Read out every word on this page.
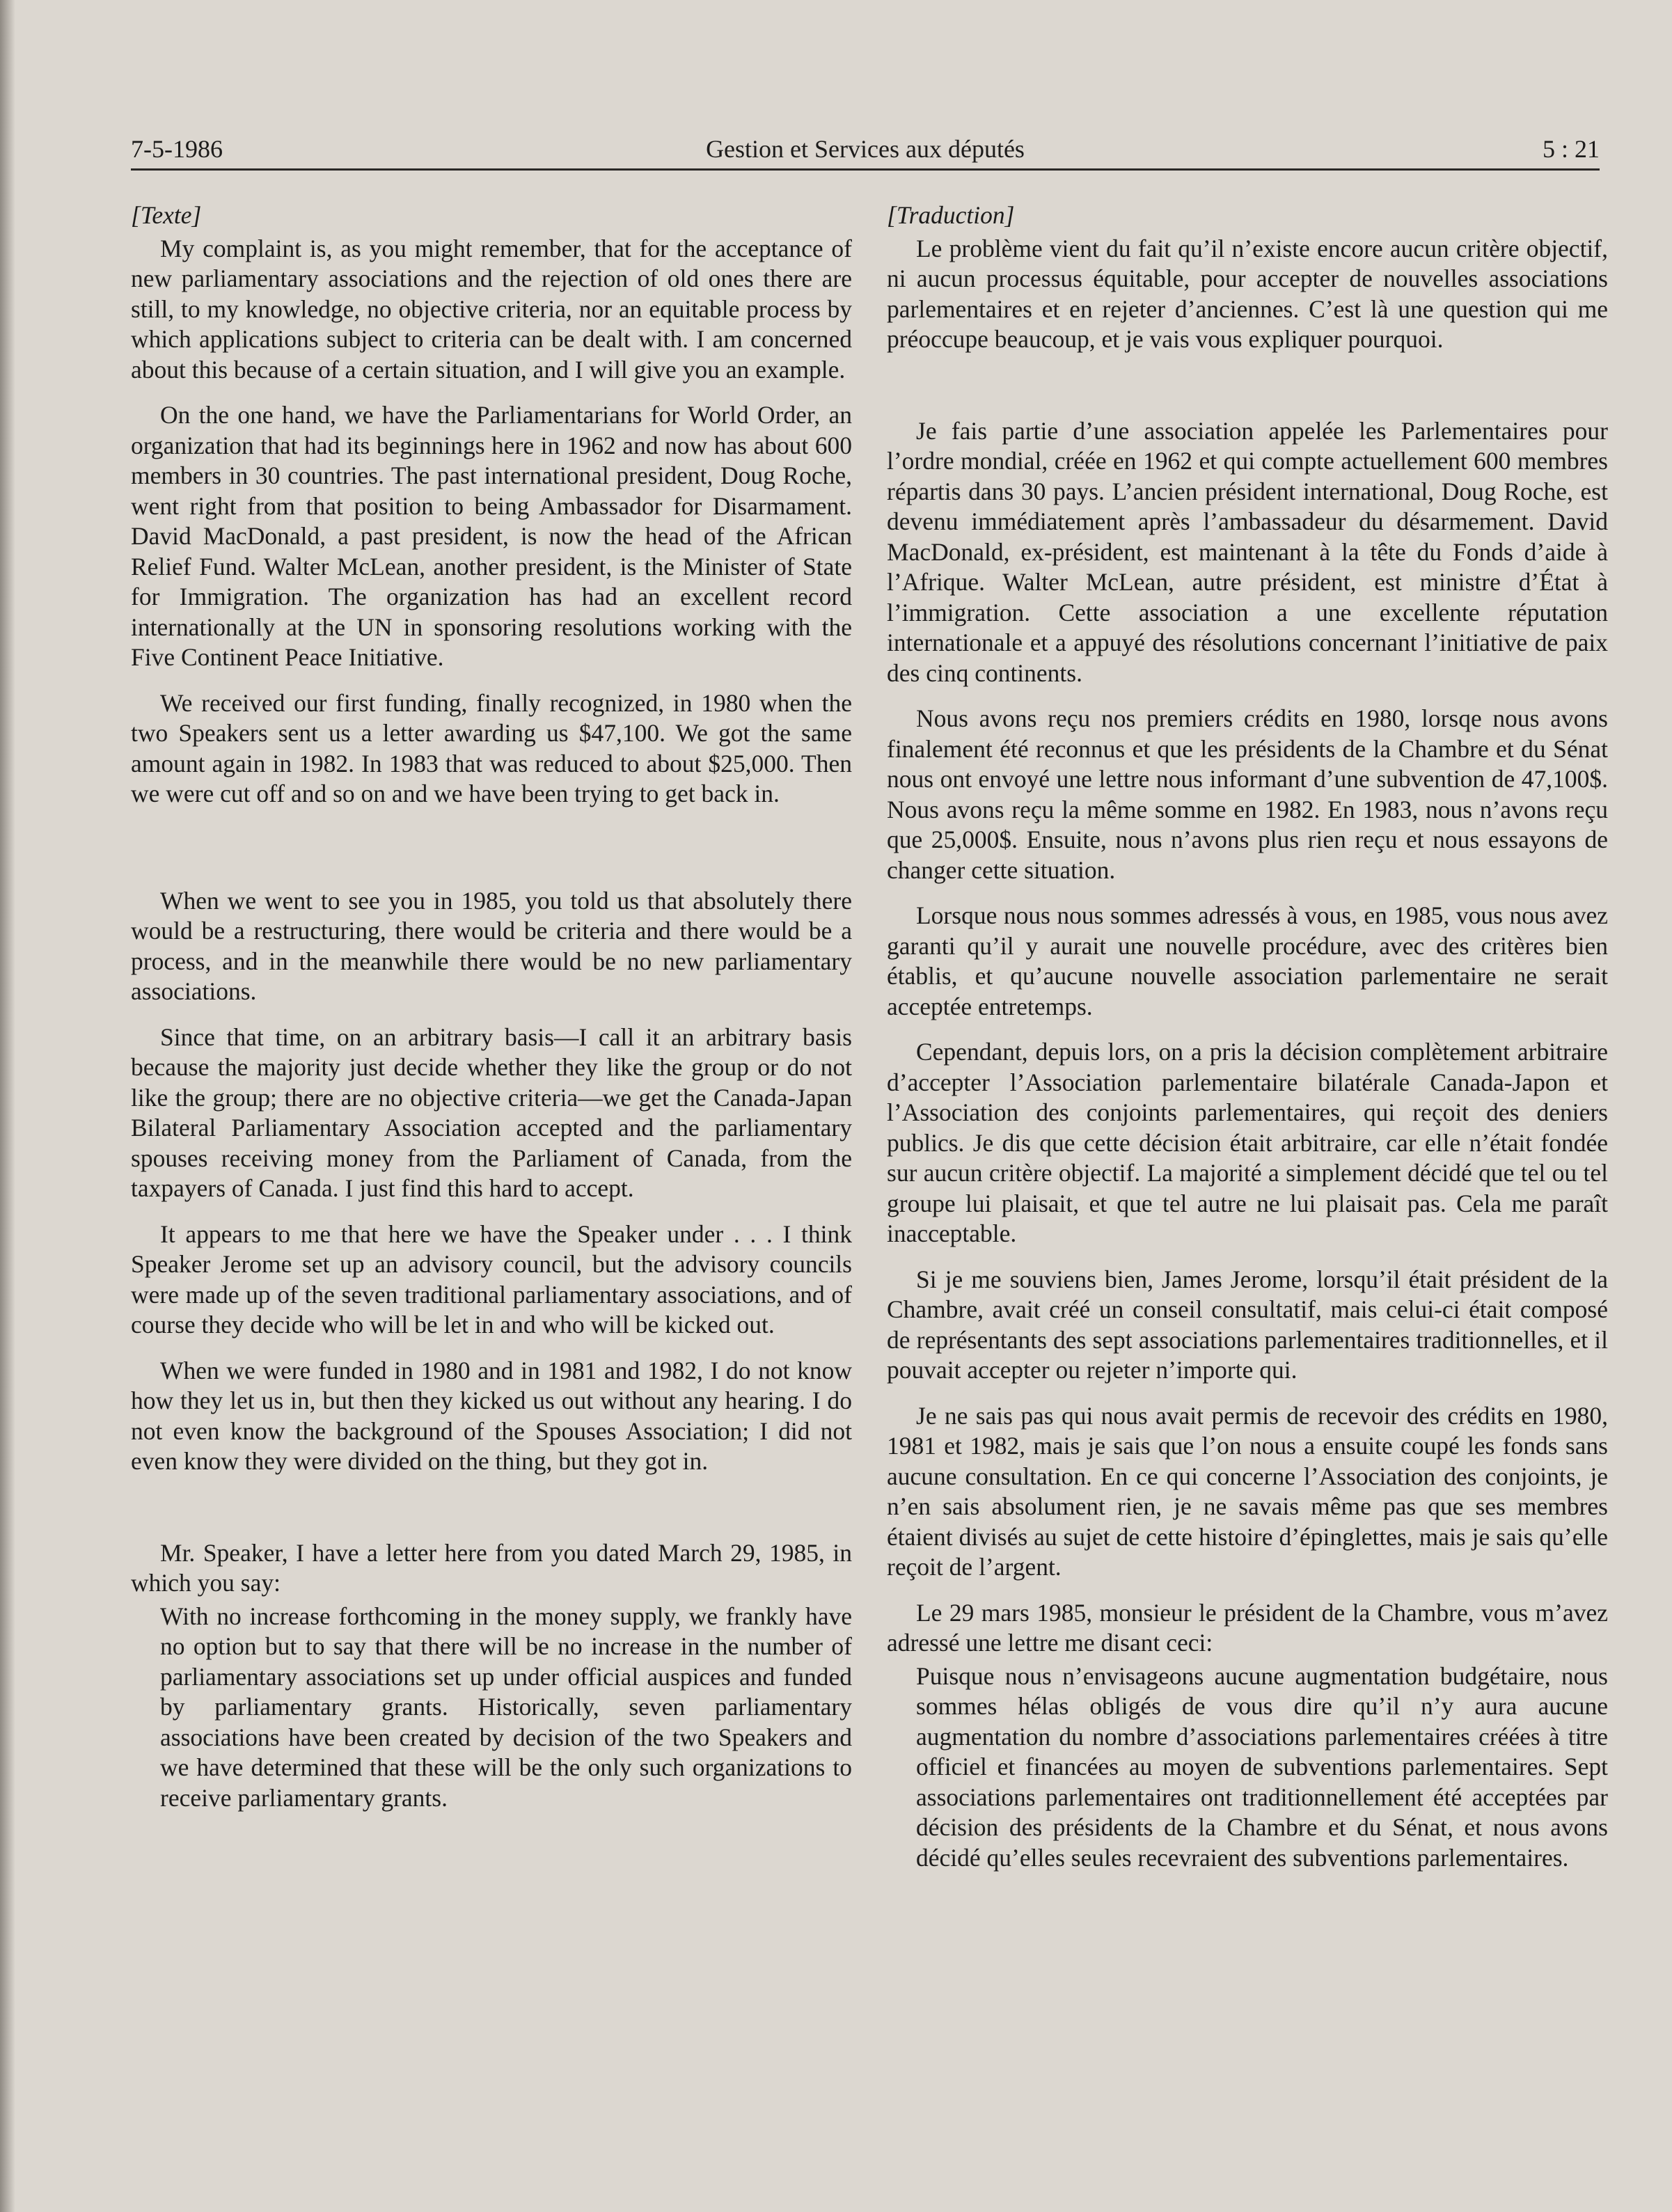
7-5-1986	Gestion et Services aux députés	5 : 21
[Texte]

My complaint is, as you might remember, that for the acceptance of new parliamentary associations and the rejection of old ones there are still, to my knowledge, no objective criteria, nor an equitable process by which applications subject to criteria can be dealt with. I am concerned about this because of a certain situation, and I will give you an example.

On the one hand, we have the Parliamentarians for World Order, an organization that had its beginnings here in 1962 and now has about 600 members in 30 countries. The past international president, Doug Roche, went right from that position to being Ambassador for Disarmament. David MacDonald, a past president, is now the head of the African Relief Fund. Walter McLean, another president, is the Minister of State for Immigration. The organization has had an excellent record internationally at the UN in sponsoring resolutions working with the Five Continent Peace Initiative.

We received our first funding, finally recognized, in 1980 when the two Speakers sent us a letter awarding us $47,100. We got the same amount again in 1982. In 1983 that was reduced to about $25,000. Then we were cut off and so on and we have been trying to get back in.

When we went to see you in 1985, you told us that absolutely there would be a restructuring, there would be criteria and there would be a process, and in the meanwhile there would be no new parliamentary associations.

Since that time, on an arbitrary basis—I call it an arbitrary basis because the majority just decide whether they like the group or do not like the group; there are no objective criteria—we get the Canada-Japan Bilateral Parliamentary Association accepted and the parliamentary spouses receiving money from the Parliament of Canada, from the taxpayers of Canada. I just find this hard to accept.

It appears to me that here we have the Speaker under . . . I think Speaker Jerome set up an advisory council, but the advisory councils were made up of the seven traditional parliamentary associations, and of course they decide who will be let in and who will be kicked out.

When we were funded in 1980 and in 1981 and 1982, I do not know how they let us in, but then they kicked us out without any hearing. I do not even know the background of the Spouses Association; I did not even know they were divided on the thing, but they got in.

Mr. Speaker, I have a letter here from you dated March 29, 1985, in which you say:

With no increase forthcoming in the money supply, we frankly have no option but to say that there will be no increase in the number of parliamentary associations set up under official auspices and funded by parliamentary grants. Historically, seven parliamentary associations have been created by decision of the two Speakers and we have determined that these will be the only such organizations to receive parliamentary grants.

[Traduction]

Le problème vient du fait qu’il n’existe encore aucun critère objectif, ni aucun processus équitable, pour accepter de nouvelles associations parlementaires et en rejeter d’anciennes. C’est là une question qui me préoccupe beaucoup, et je vais vous expliquer pourquoi.

Je fais partie d’une association appelée les Parlementaires pour l’ordre mondial, créée en 1962 et qui compte actuellement 600 membres répartis dans 30 pays. L’ancien président international, Doug Roche, est devenu immédiatement après l’ambassadeur du désarmement. David MacDonald, ex-président, est maintenant à la tête du Fonds d’aide à l’Afrique. Walter McLean, autre président, est ministre d’État à l’immigration. Cette association a une excellente réputation internationale et a appuyé des résolutions concernant l’initiative de paix des cinq continents.

Nous avons reçu nos premiers crédits en 1980, lorsqe nous avons finalement été reconnus et que les présidents de la Chambre et du Sénat nous ont envoyé une lettre nous informant d’une subvention de 47,100$. Nous avons reçu la même somme en 1982. En 1983, nous n’avons reçu que 25,000$. Ensuite, nous n’avons plus rien reçu et nous essayons de changer cette situation.

Lorsque nous nous sommes adressés à vous, en 1985, vous nous avez garanti qu’il y aurait une nouvelle procédure, avec des critères bien établis, et qu’aucune nouvelle association parlementaire ne serait acceptée entretemps.

Cependant, depuis lors, on a pris la décision complètement arbitraire d’accepter l’Association parlementaire bilatérale Canada-Japon et l’Association des conjoints parlementaires, qui reçoit des deniers publics. Je dis que cette décision était arbitraire, car elle n’était fondée sur aucun critère objectif. La majorité a simplement décidé que tel ou tel groupe lui plaisait, et que tel autre ne lui plaisait pas. Cela me paraît inacceptable.

Si je me souviens bien, James Jerome, lorsqu’il était président de la Chambre, avait créé un conseil consultatif, mais celui-ci était composé de représentants des sept associations parlementaires traditionnelles, et il pouvait accepter ou rejeter n’importe qui.

Je ne sais pas qui nous avait permis de recevoir des crédits en 1980, 1981 et 1982, mais je sais que l’on nous a ensuite coupé les fonds sans aucune consultation. En ce qui concerne l’Association des conjoints, je n’en sais absolument rien, je ne savais même pas que ses membres étaient divisés au sujet de cette histoire d’épinglettes, mais je sais qu’elle reçoit de l’argent.

Le 29 mars 1985, monsieur le président de la Chambre, vous m’avez adressé une lettre me disant ceci:

Puisque nous n’envisageons aucune augmentation budgétaire, nous sommes hélas obligés de vous dire qu’il n’y aura aucune augmentation du nombre d’associations parlementaires créées à titre officiel et financées au moyen de subventions parlementaires. Sept associations parlementaires ont traditionnellement été acceptées par décision des présidents de la Chambre et du Sénat, et nous avons décidé qu’elles seules recevraient des subventions parlementaires.
